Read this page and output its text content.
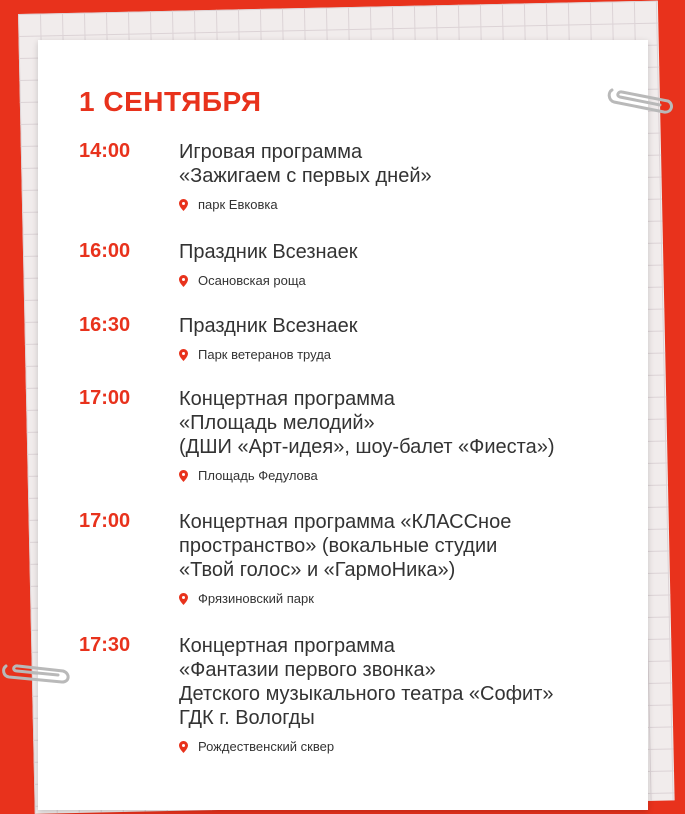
1 СЕНТЯБРЯ
14:00 Игровая программа
«Зажигаем с первых дней»
парк Евковка
16:00 Праздник Всезнаек
Осановская роща
16:30 Праздник Всезнаек
Парк ветеранов труда
17:00 Концертная программа
«Площадь мелодий»
(ДШИ «Арт-идея», шоу-балет «Фиеста»)
Площадь Федулова
17:00 Концертная программа «КЛАССное
пространство» (вокальные студии
«Твой голос» и «ГармоНика»)
Фрязиновский парк
17:30 Концертная программа
«Фантазии первого звонка»
Детского музыкального театра «Софит»
ГДК г. Вологды
Рождественский сквер
